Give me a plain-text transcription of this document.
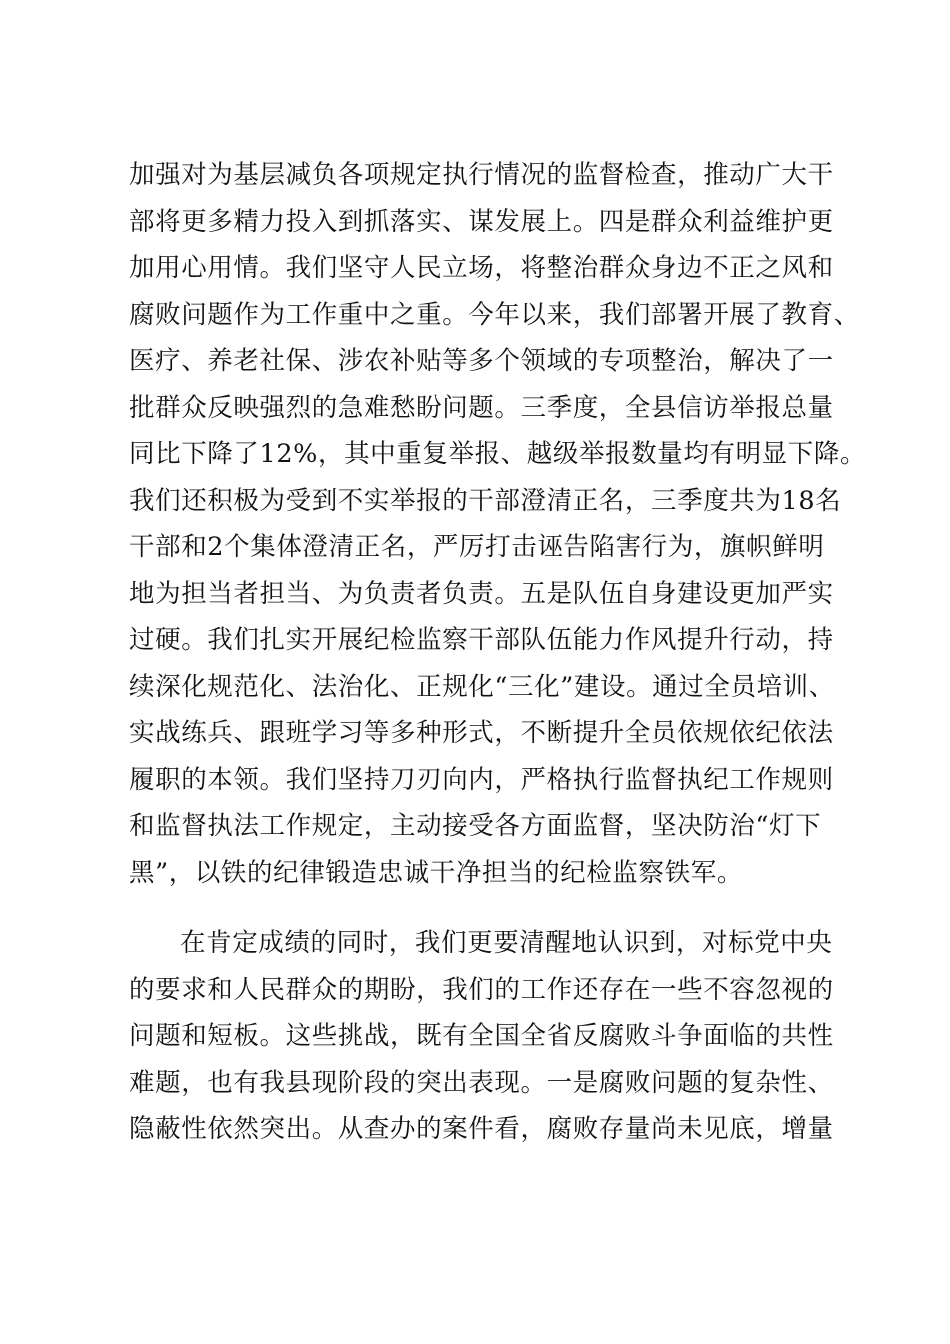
加强对为基层减负各项规定执行情况的监督检查，推动广大干
部将更多精力投入到抓落实、谋发展上。四是群众利益维护更
加用心用情。我们坚守人民立场，将整治群众身边不正之风和
腐败问题作为工作重中之重。今年以来，我们部署开展了教育、
医疗、养老社保、涉农补贴等多个领域的专项整治，解决了一
批群众反映强烈的急难愁盼问题。三季度，全县信访举报总量
同比下降了12%，其中重复举报、越级举报数量均有明显下降。
我们还积极为受到不实举报的干部澄清正名，三季度共为18名
干部和2个集体澄清正名，严厉打击诬告陷害行为，旗帜鲜明
地为担当者担当、为负责者负责。五是队伍自身建设更加严实
过硬。我们扎实开展纪检监察干部队伍能力作风提升行动，持
续深化规范化、法治化、正规化“三化”建设。通过全员培训、
实战练兵、跟班学习等多种形式，不断提升全员依规依纪依法
履职的本领。我们坚持刀刃向内，严格执行监督执纪工作规则
和监督执法工作规定，主动接受各方面监督，坚决防治“灯下
黑”，以铁的纪律锻造忠诚干净担当的纪检监察铁军。
在肯定成绩的同时，我们更要清醒地认识到，对标党中央
的要求和人民群众的期盼，我们的工作还存在一些不容忽视的
问题和短板。这些挑战，既有全国全省反腐败斗争面临的共性
难题，也有我县现阶段的突出表现。一是腐败问题的复杂性、
隐蔽性依然突出。从查办的案件看，腐败存量尚未见底，增量
